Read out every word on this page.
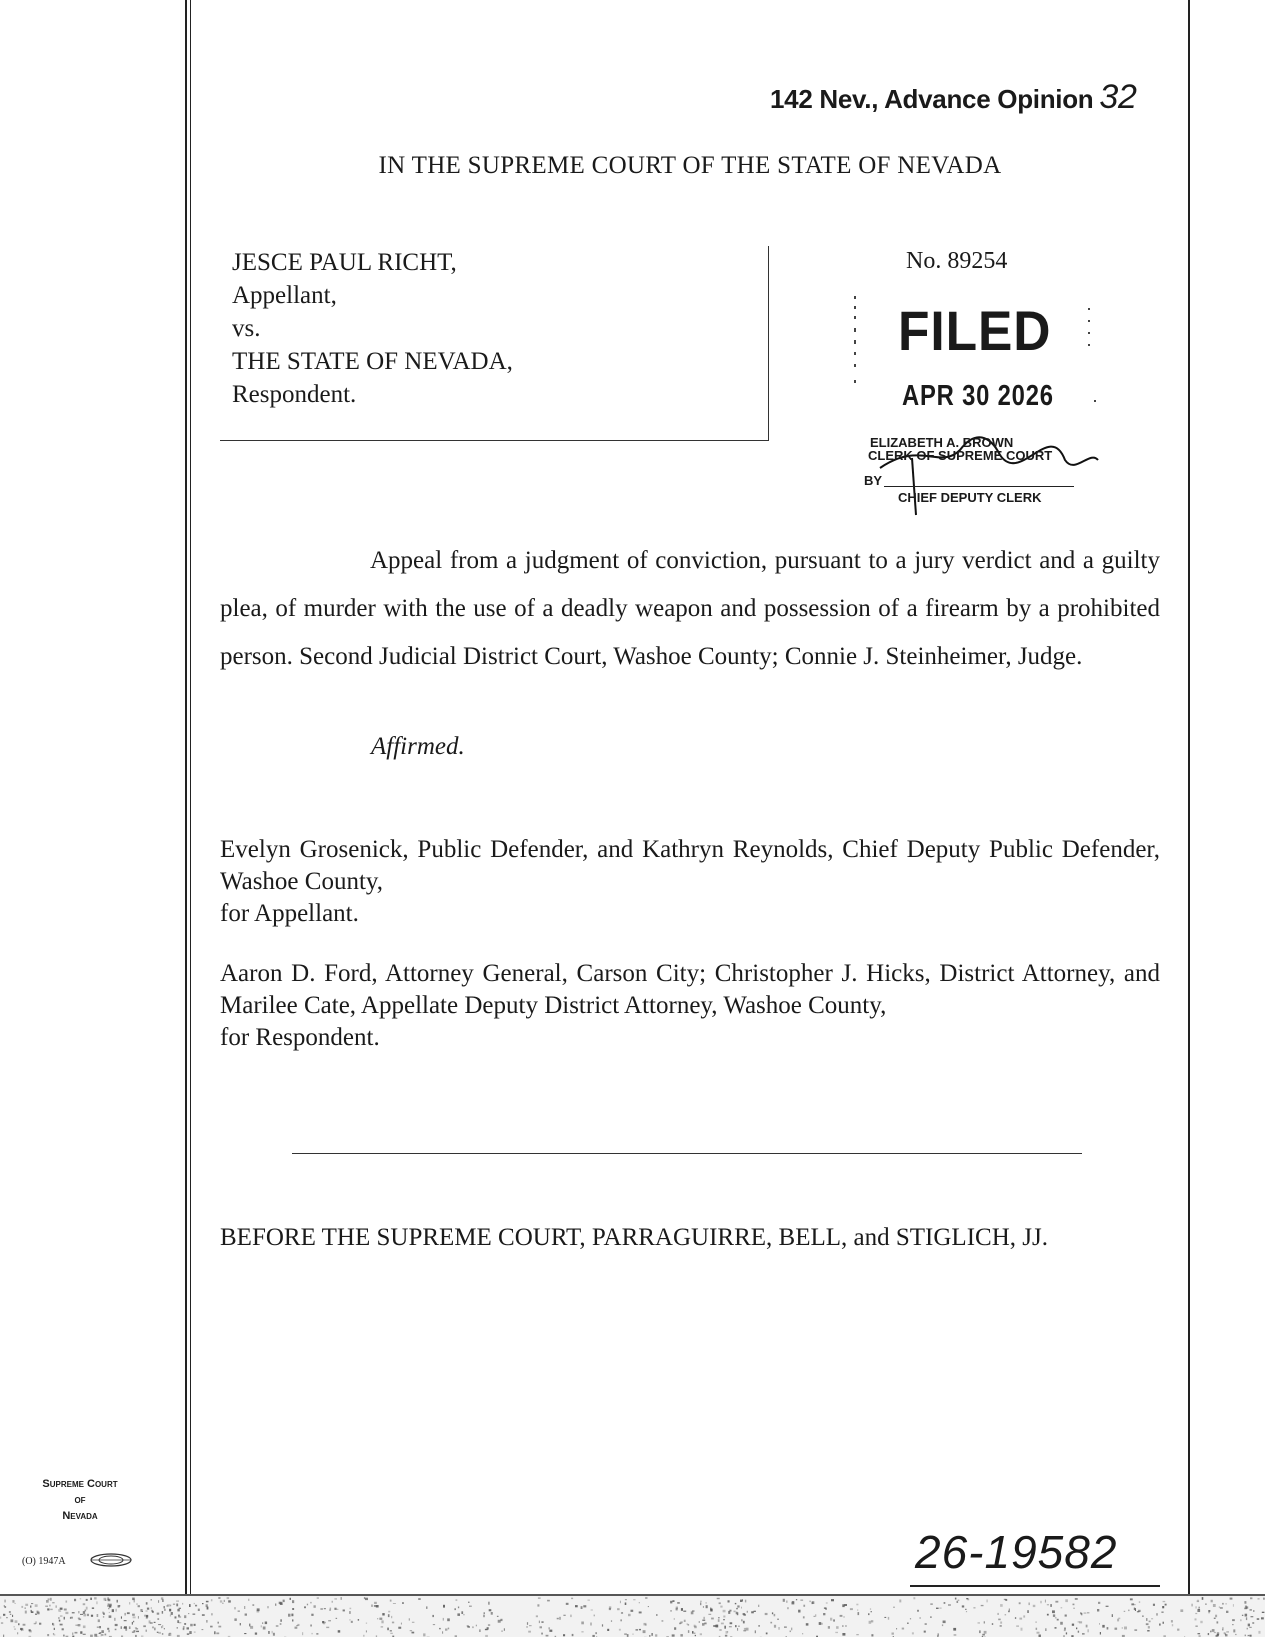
142 Nev., Advance Opinion 32
IN THE SUPREME COURT OF THE STATE OF NEVADA
JESCE PAUL RICHT,
Appellant,
vs.
THE STATE OF NEVADA,
Respondent.
No. 89254
FILED
APR 30 2026
ELIZABETH A. BROWN
CLERK OF SUPREME COURT
BY
CHIEF DEPUTY CLERK
Appeal from a judgment of conviction, pursuant to a jury verdict and a guilty plea, of murder with the use of a deadly weapon and possession of a firearm by a prohibited person. Second Judicial District Court, Washoe County; Connie J. Steinheimer, Judge.
Affirmed.
Evelyn Grosenick, Public Defender, and Kathryn Reynolds, Chief Deputy Public Defender, Washoe County,
for Appellant.
Aaron D. Ford, Attorney General, Carson City; Christopher J. Hicks, District Attorney, and Marilee Cate, Appellate Deputy District Attorney, Washoe County,
for Respondent.
BEFORE THE SUPREME COURT, PARRAGUIRRE, BELL, and STIGLICH, JJ.
Supreme Court
of
Nevada
(O) 1947A	26-19582
